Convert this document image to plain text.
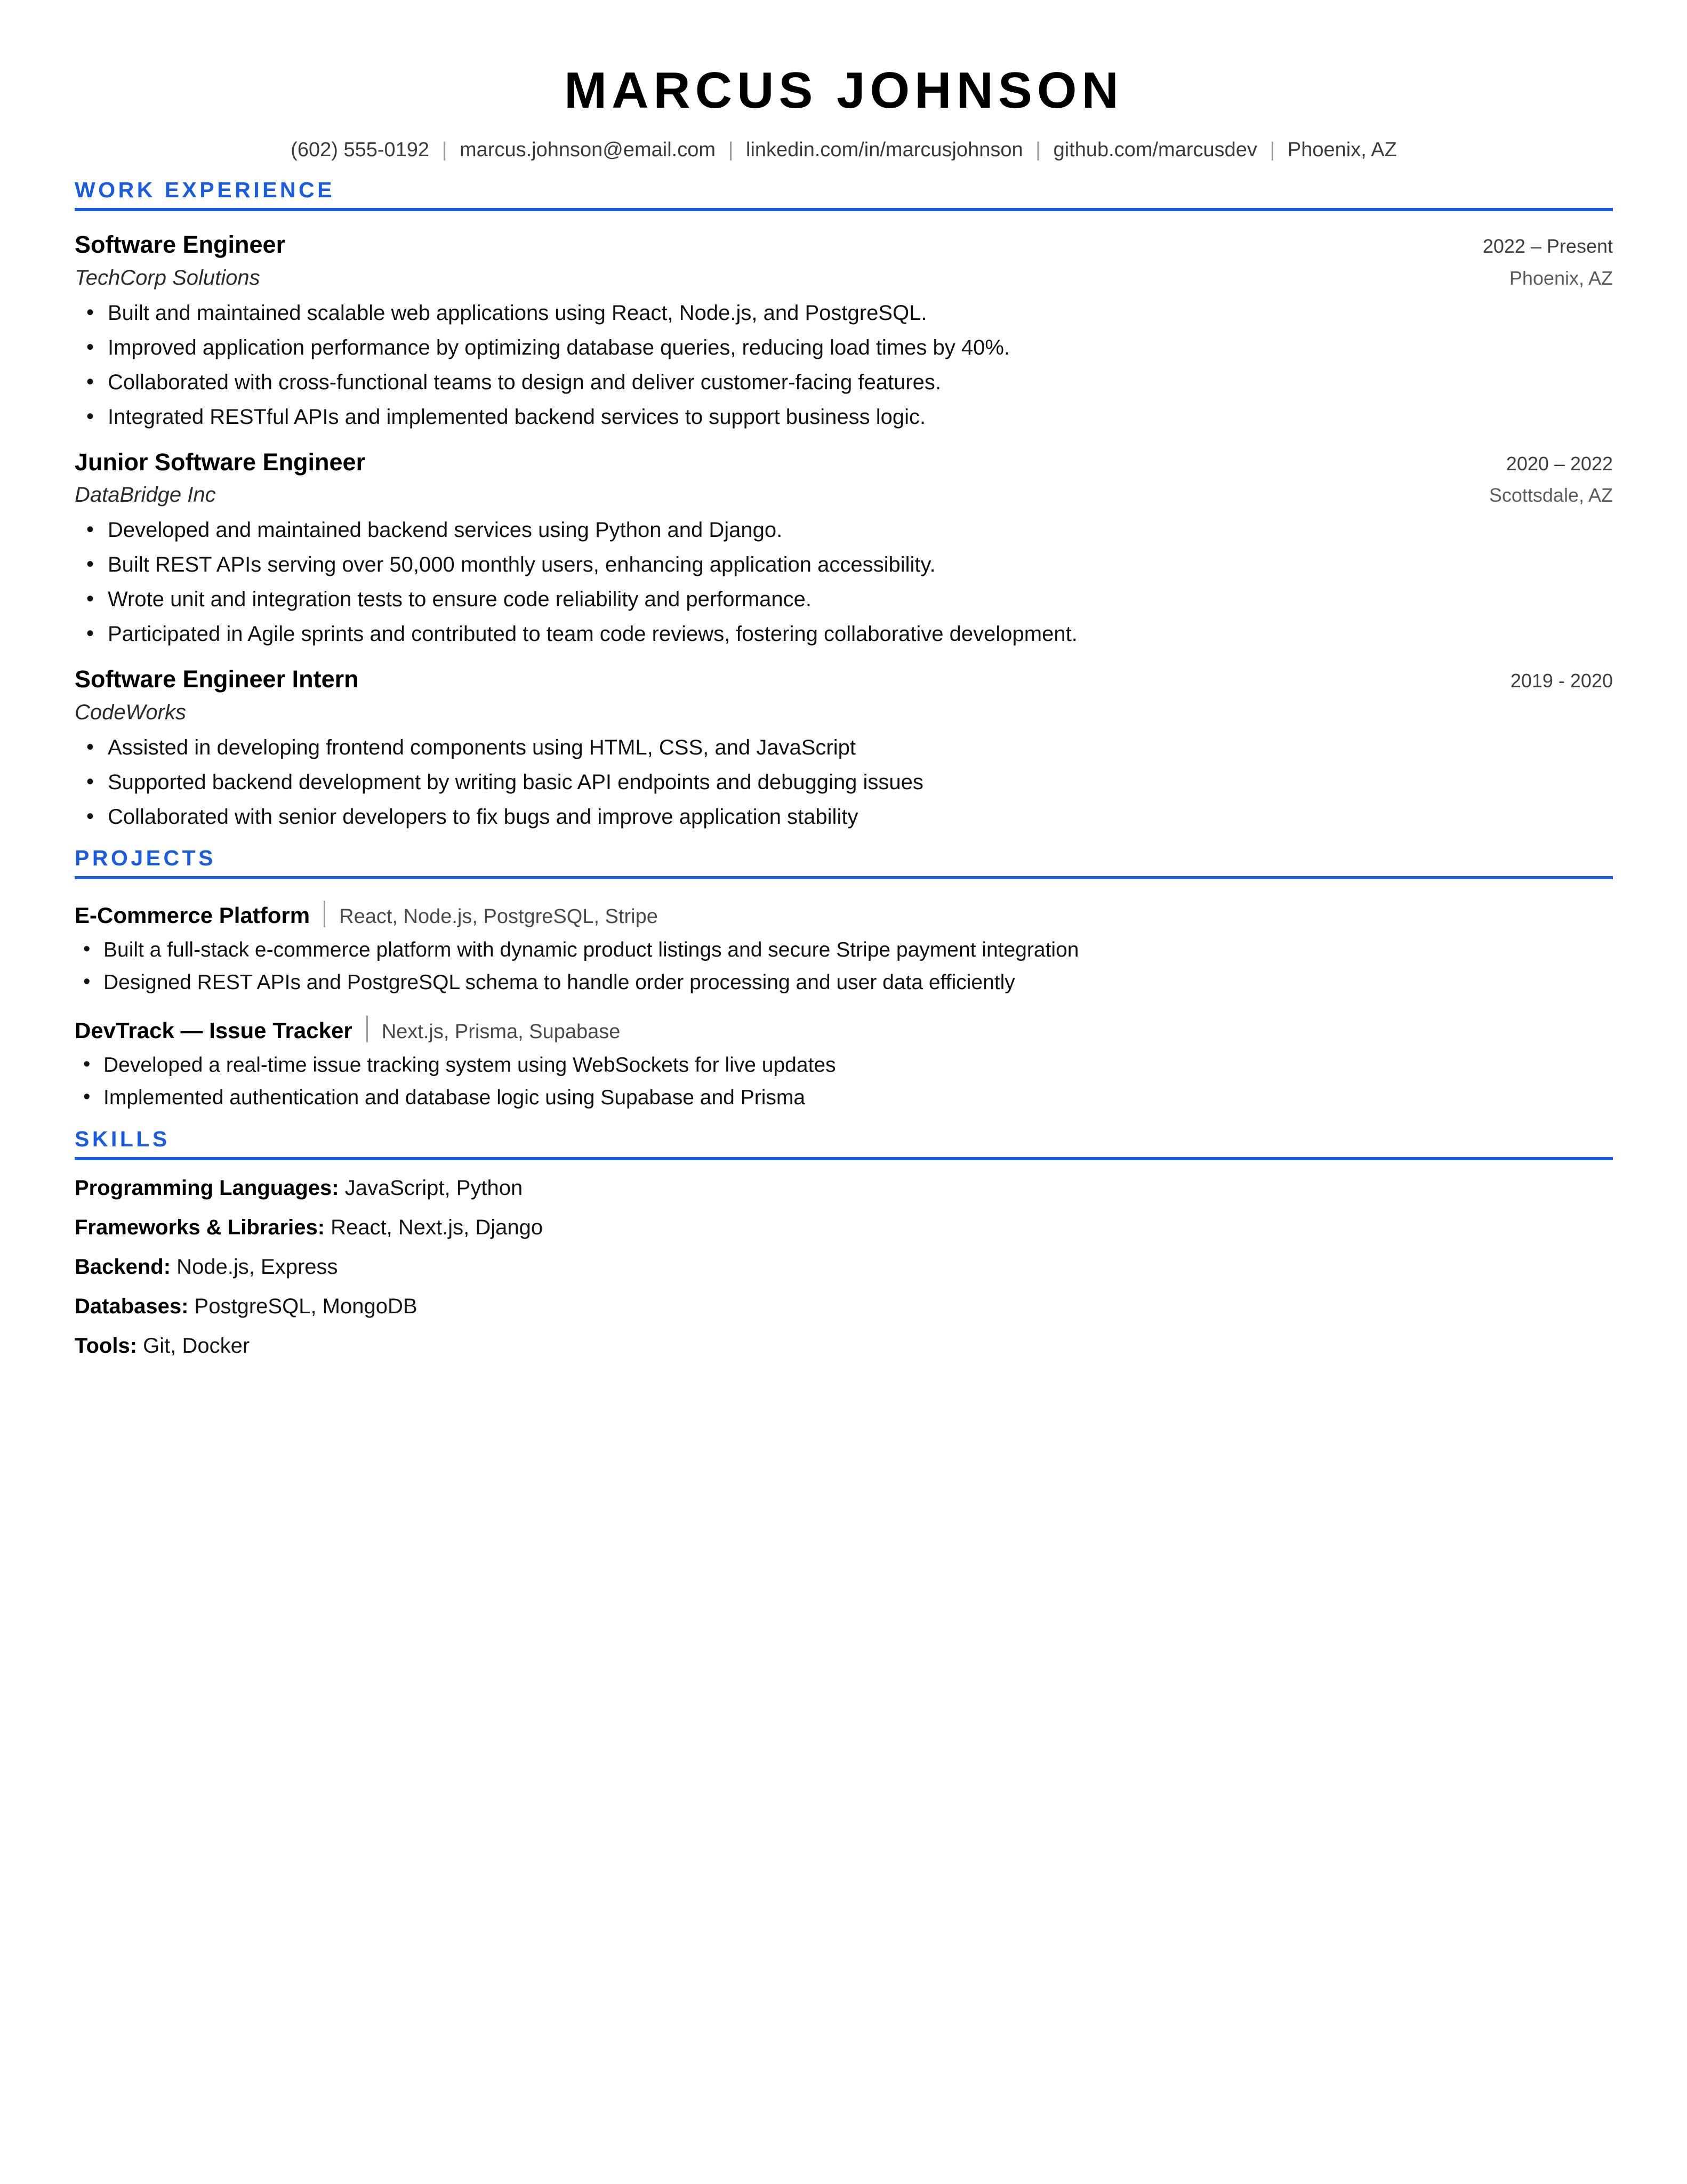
MARCUS JOHNSON
(602) 555-0192 | marcus.johnson@email.com | linkedin.com/in/marcusjohnson | github.com/marcusdev | Phoenix, AZ
WORK EXPERIENCE
Software Engineer	2022 – Present
TechCorp Solutions	Phoenix, AZ
• Built and maintained scalable web applications using React, Node.js, and PostgreSQL.
• Improved application performance by optimizing database queries, reducing load times by 40%.
• Collaborated with cross-functional teams to design and deliver customer-facing features.
• Integrated RESTful APIs and implemented backend services to support business logic.
Junior Software Engineer	2020 – 2022
DataBridge Inc	Scottsdale, AZ
• Developed and maintained backend services using Python and Django.
• Built REST APIs serving over 50,000 monthly users, enhancing application accessibility.
• Wrote unit and integration tests to ensure code reliability and performance.
• Participated in Agile sprints and contributed to team code reviews, fostering collaborative development.
Software Engineer Intern	2019 - 2020
CodeWorks
• Assisted in developing frontend components using HTML, CSS, and JavaScript
• Supported backend development by writing basic API endpoints and debugging issues
• Collaborated with senior developers to fix bugs and improve application stability
PROJECTS
E-Commerce Platform React, Node.js, PostgreSQL, Stripe
• Built a full-stack e-commerce platform with dynamic product listings and secure Stripe payment integration
• Designed REST APIs and PostgreSQL schema to handle order processing and user data efficiently
DevTrack — Issue Tracker Next.js, Prisma, Supabase
• Developed a real-time issue tracking system using WebSockets for live updates
• Implemented authentication and database logic using Supabase and Prisma
SKILLS
Programming Languages: JavaScript, Python
Frameworks & Libraries: React, Next.js, Django
Backend: Node.js, Express
Databases: PostgreSQL, MongoDB
Tools: Git, Docker
